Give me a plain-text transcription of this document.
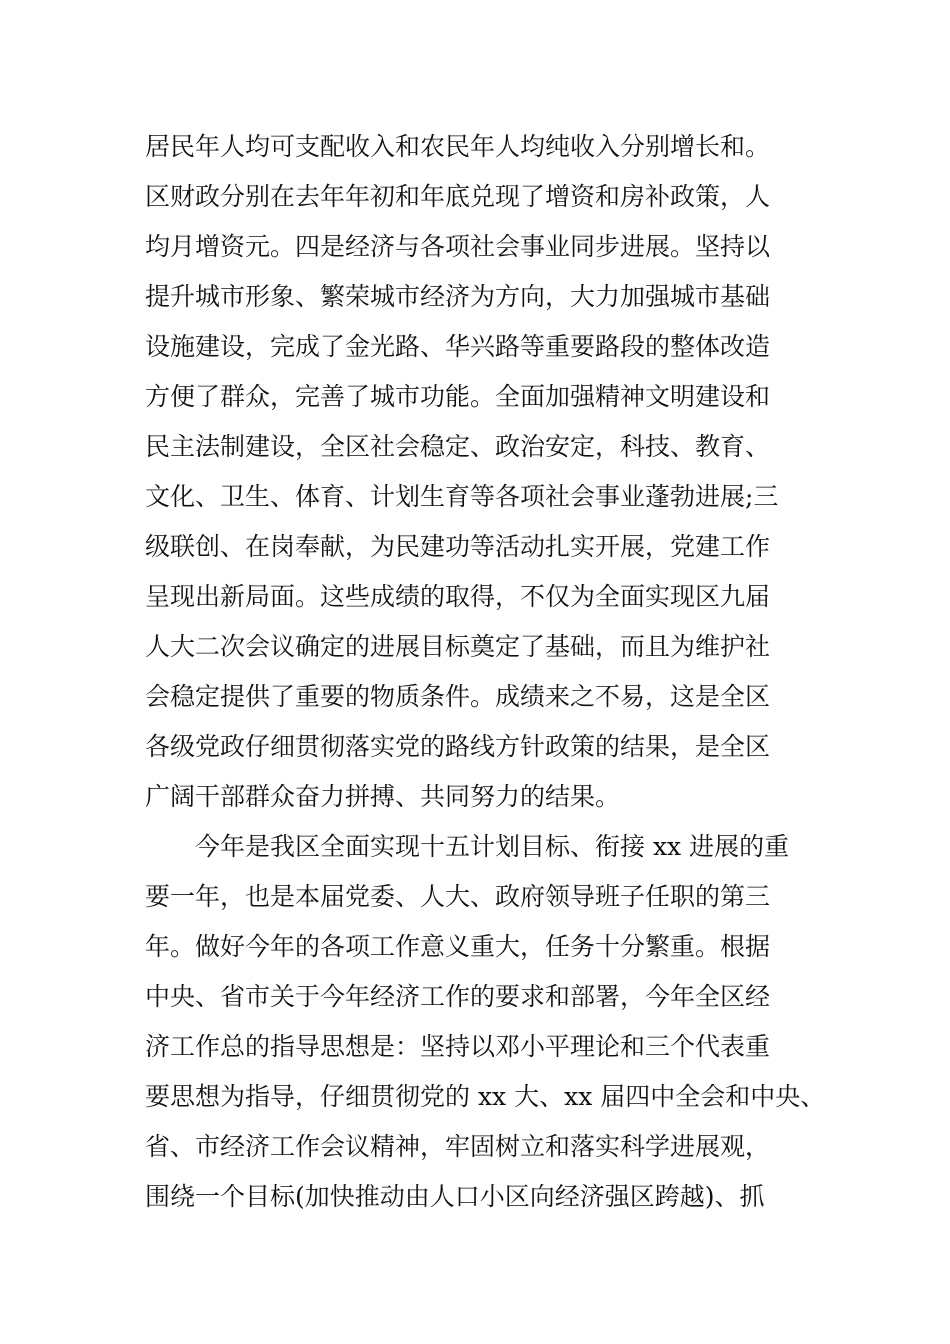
居民年人均可支配收入和农民年人均纯收入分别增长和。
区财政分别在去年年初和年底兑现了增资和房补政策，人
均月增资元。四是经济与各项社会事业同步进展。坚持以
提升城市形象、繁荣城市经济为方向，大力加强城市基础
设施建设，完成了金光路、华兴路等重要路段的整体改造
方便了群众，完善了城市功能。全面加强精神文明建设和
民主法制建设，全区社会稳定、政治安定，科技、教育、
文化、卫生、体育、计划生育等各项社会事业蓬勃进展;三
级联创、在岗奉献，为民建功等活动扎实开展，党建工作
呈现出新局面。这些成绩的取得，不仅为全面实现区九届
人大二次会议确定的进展目标奠定了基础，而且为维护社
会稳定提供了重要的物质条件。成绩来之不易，这是全区
各级党政仔细贯彻落实党的路线方针政策的结果，是全区
广阔干部群众奋力拼搏、共同努力的结果。
今年是我区全面实现十五计划目标、衔接 xx 进展的重
要一年，也是本届党委、人大、政府领导班子任职的第三
年。做好今年的各项工作意义重大，任务十分繁重。根据
中央、省市关于今年经济工作的要求和部署，今年全区经
济工作总的指导思想是：坚持以邓小平理论和三个代表重
要思想为指导，仔细贯彻党的 xx 大、xx 届四中全会和中央、
省、市经济工作会议精神，牢固树立和落实科学进展观，
围绕一个目标(加快推动由人口小区向经济强区跨越)、抓
